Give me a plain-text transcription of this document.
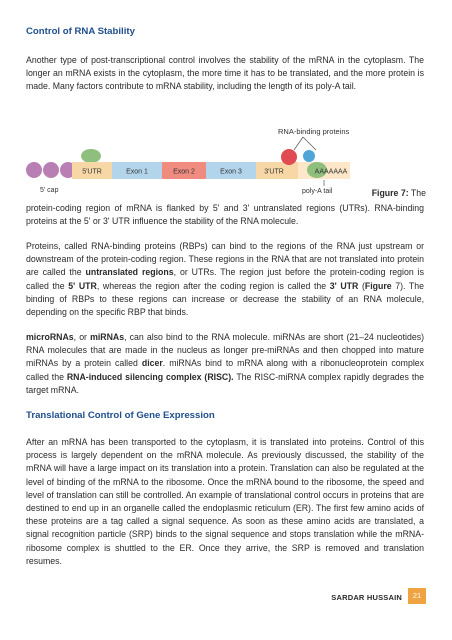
Control of RNA Stability

Another type of post-transcriptional control involves the stability of the mRNA in the cytoplasm. The longer an mRNA exists in the cytoplasm, the more time it has to be translated, and the more protein is made. Many factors contribute to mRNA stability, including the length of its poly-A tail.

RNA-binding proteins
5'UTR	Exon 1	Exon 2	Exon 3	3'UTR	AAAAAAA
5' cap	poly-A tail	Figure 7: The

protein-coding region of mRNA is flanked by 5' and 3' untranslated regions (UTRs). RNA-binding proteins at the 5' or 3' UTR influence the stability of the RNA molecule.

Proteins, called RNA-binding proteins (RBPs) can bind to the regions of the RNA just upstream or downstream of the protein-coding region. These regions in the RNA that are not translated into protein are called the untranslated regions, or UTRs. The region just before the protein-coding region is called the 5' UTR, whereas the region after the coding region is called the 3' UTR (Figure 7). The binding of RBPs to these regions can increase or decrease the stability of an RNA molecule, depending on the specific RBP that binds.

microRNAs, or miRNAs, can also bind to the RNA molecule. miRNAs are short (21–24 nucleotides) RNA molecules that are made in the nucleus as longer pre-miRNAs and then chopped into mature miRNAs by a protein called dicer. miRNAs bind to mRNA along with a ribonucleoprotein complex called the RNA-induced silencing complex (RISC). The RISC-miRNA complex rapidly degrades the target mRNA.

Translational Control of Gene Expression

After an mRNA has been transported to the cytoplasm, it is translated into proteins. Control of this process is largely dependent on the mRNA molecule. As previously discussed, the stability of the mRNA will have a large impact on its translation into a protein. Translation can also be regulated at the level of binding of the mRNA to the ribosome. Once the mRNA bound to the ribosome, the speed and level of translation can still be controlled. An example of translational control occurs in proteins that are destined to end up in an organelle called the endoplasmic reticulum (ER). The first few amino acids of these proteins are a tag called a signal sequence. As soon as these amino acids are translated, a signal recognition particle (SRP) binds to the signal sequence and stops translation while the mRNA-ribosome complex is shuttled to the ER. Once they arrive, the SRP is removed and translation resumes.

SARDAR HUSSAIN	21
